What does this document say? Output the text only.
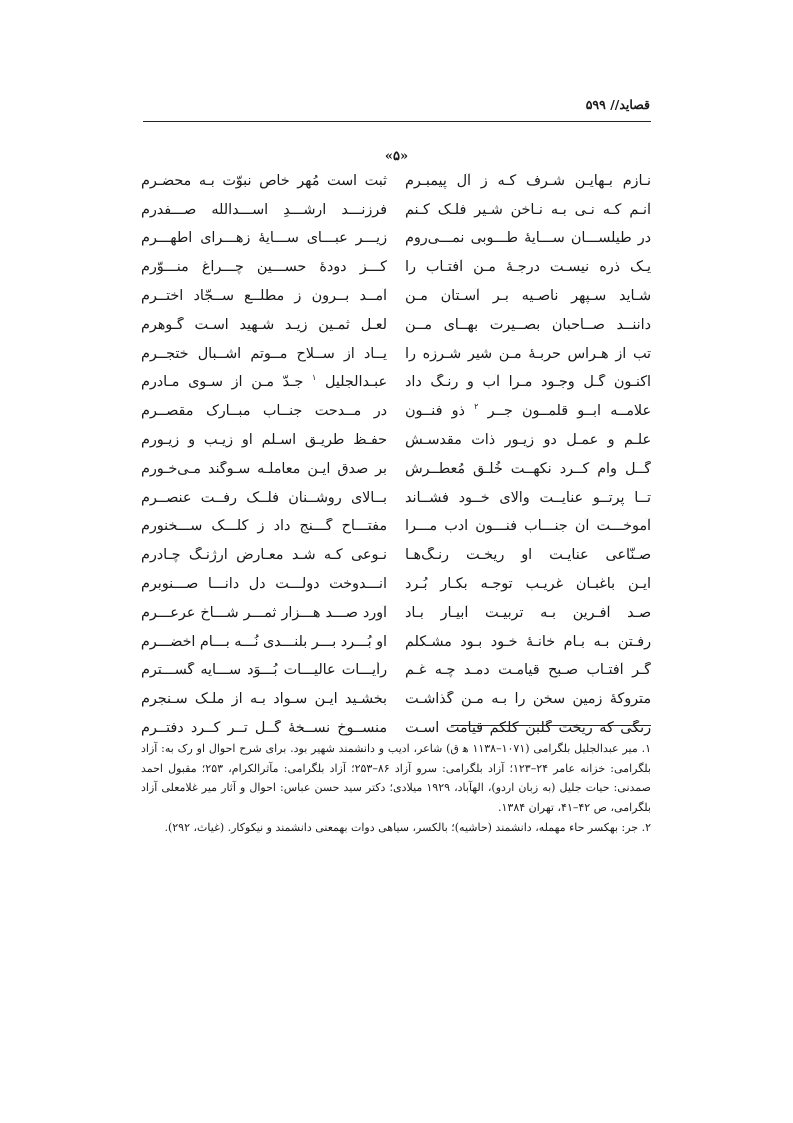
قصاید// ۵۹۹
«۵»
نـازم بـهایـن شـرف کـه ز آل پیمبـرم
ثبت است مُهر خاص نبوّت بـه محضـرم
آنـم کـه نـی بـه نـاخن شـیر فلـک کـنم
فرزنـــد ارشـــدِ اســـدالله صـــفدرم
در طیلســـان ســـایهٔ طـــوبی نمـــی‌روم
زیـــر عبـــای ســـایهٔ زهـــرای اطهـــرم
یـک ذره نیسـت درجـهٔ مـن آفتـاب را
کـــز دودهٔ حســـین چـــراغ منـــوّرم
شـاید سـپهر ناصـیه بـر آسـتان مـن
آمــد بــرون ز مطلــع ســجّاد اختــرم
داننــد صــاحبان بصــیرت بهــای مــن
لعـل ثمـین زیـد شـهید اسـت گـوهرم
تب از هـراس حربـهٔ مـن شیر شـرزه را
یــاد از ســلاح مــوتم اشــبال ختجــرم
اکنـون گـل وجـود مـرا آب و رنـگ داد
عبـدالجلیل $^۱$ جـدّ مـن از سـوی مـادرم
علامــه ابــو قلمــون جــر $^۲$ ذو فنــون
در مــدحت جنــاب مبــارک مقصــرم
علـم و عمـل دو زیـور ذات مقدسـش
حفـظ طریـق اسـلم او زیـب و زیـورم
گــل وام کــرد نکهــت خُلـق مُعطــرش
بر صدق ایـن معاملـه سـوگند مـی‌خـورم
تــا پرتــو عنایــت والای خــود فشــاند
بــالای روشــنان فلــک رفــت عنصــرم
آموخـــت آن جنـــاب فنـــون ادب مـــرا
مفتـــاح گـــنج داد ز کلـــک ســـخنورم
صـنّاعی عنایـت او ریخـت رنـگ‌هـا
نـوعی کـه شـد معـارض ارژنـگ چـادرم
ایـن باغبـان غریـب توجـه بکـار بُـرد
انـــدوخت دولـــت دل دانـــا صـــنوبرم
صـد آفـرین بـه تربیـت آبیـار بـاد
آورد صـــد هـــزار ثمـــر شـــاخ عرعـــرم
رفـتن بـه بـام خانـهٔ خـود بـود مشـکلم
او بُـــرد بـــر بلنـــدی نُـــه بـــام اخضـــرم
گـر آفتـاب صـبح قیامـت دمـد چـه غـم
رأیـــات عالیـــات بُـــوَد ســـایه گســـترم
متروکهٔ زمین سخن را بـه مـن گذاشـت
بخشـید ایـن سـواد بـه از ملـک سـنجرم
رنگی که ریخت گلبن کلکم قیامت اسـت
منســوخ نســخهٔ گــل تــر کــرد دفتــرم

۱. میر عبدالجلیل بلگرامی (۱۰۷۱–۱۱۳۸ ﻫ ق) شاعر، ادیب و دانشمند شهیر بود. برای شرح احوال او رک به: آزاد بلگرامی: خزانه عامر ۲۴–۱۲۳؛ آزاد بلگرامی: سرو آزاد ۸۶–۲۵۳؛ آزاد بلگرامی: مآثرالکرام، ۲۵۳؛ مقبول احمد صمدنی: حیات جلیل (به زبان اردو)، الهآباد، ۱۹۲۹ میلادی؛ دکتر سید حسن عباس: احوال و آثار میر غلامعلی آزاد بلگرامی، ص ۴۲–۴۱، تهران ۱۳۸۴.

۲. جر: بهکسر حاء مهمله، دانشمند (حاشیه)؛ بالکسر، سیاهی دوات بهمعنی دانشمند و نیکوکار. (غیاث، ۲۹۲).
